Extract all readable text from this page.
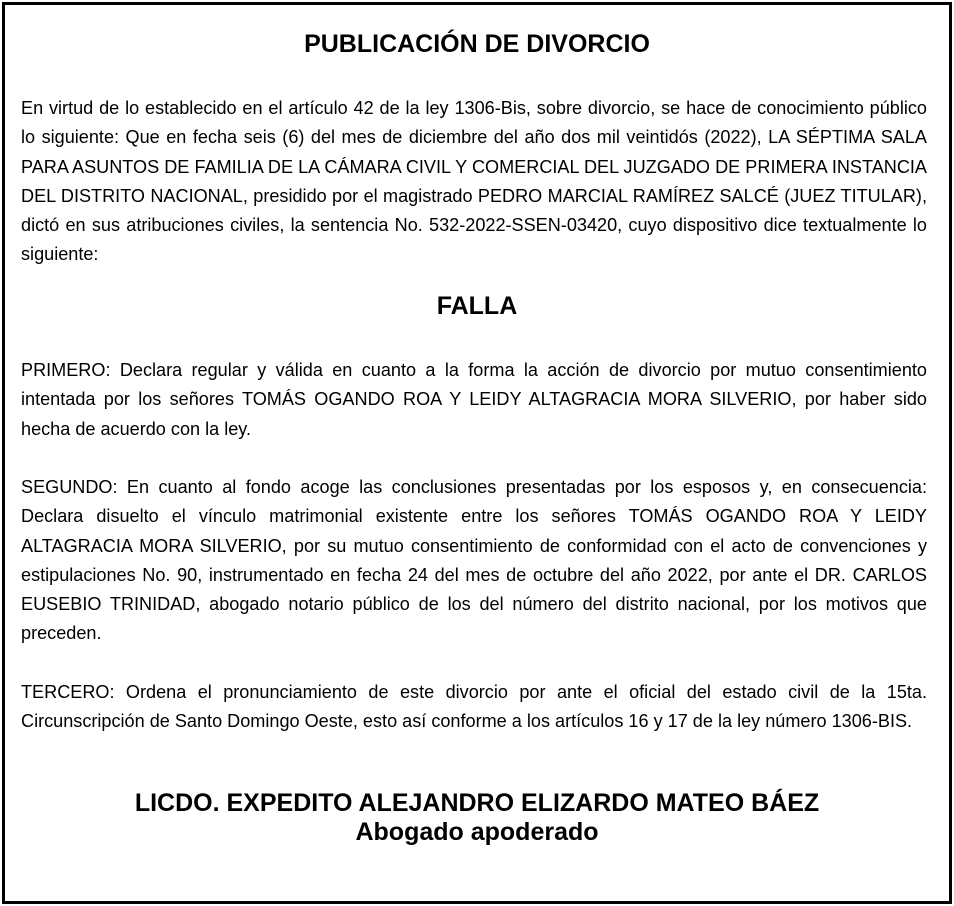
PUBLICACIÓN DE DIVORCIO

En virtud de lo establecido en el artículo 42 de la ley 1306-Bis, sobre divorcio, se hace de conocimiento público lo siguiente: Que en fecha seis (6) del mes de diciembre del año dos mil veintidós (2022), LA SÉPTIMA SALA PARA ASUNTOS DE FAMILIA DE LA CÁMARA CIVIL Y COMERCIAL DEL JUZGADO DE PRIMERA INSTANCIA DEL DISTRITO NACIONAL, presidido por el magistrado PEDRO MARCIAL RAMÍREZ SALCÉ (JUEZ TITULAR), dictó en sus atribuciones civiles, la sentencia No. 532-2022-SSEN-03420, cuyo dispositivo dice textualmente lo siguiente:

FALLA

PRIMERO: Declara regular y válida en cuanto a la forma la acción de divorcio por mutuo consentimiento intentada por los señores TOMÁS OGANDO ROA Y LEIDY ALTAGRACIA MORA SILVERIO, por haber sido hecha de acuerdo con la ley.

SEGUNDO: En cuanto al fondo acoge las conclusiones presentadas por los esposos y, en consecuencia: Declara disuelto el vínculo matrimonial existente entre los señores TOMÁS OGANDO ROA Y LEIDY ALTAGRACIA MORA SILVERIO, por su mutuo consentimiento de conformidad con el acto de convenciones y estipulaciones No. 90, instrumentado en fecha 24 del mes de octubre del año 2022, por ante el DR. CARLOS EUSEBIO TRINIDAD, abogado notario público de los del número del distrito nacional, por los motivos que preceden.

TERCERO: Ordena el pronunciamiento de este divorcio por ante el oficial del estado civil de la 15ta. Circunscripción de Santo Domingo Oeste, esto así conforme a los artículos 16 y 17 de la ley número 1306-BIS.

LICDO. EXPEDITO ALEJANDRO ELIZARDO MATEO BÁEZ
Abogado apoderado
